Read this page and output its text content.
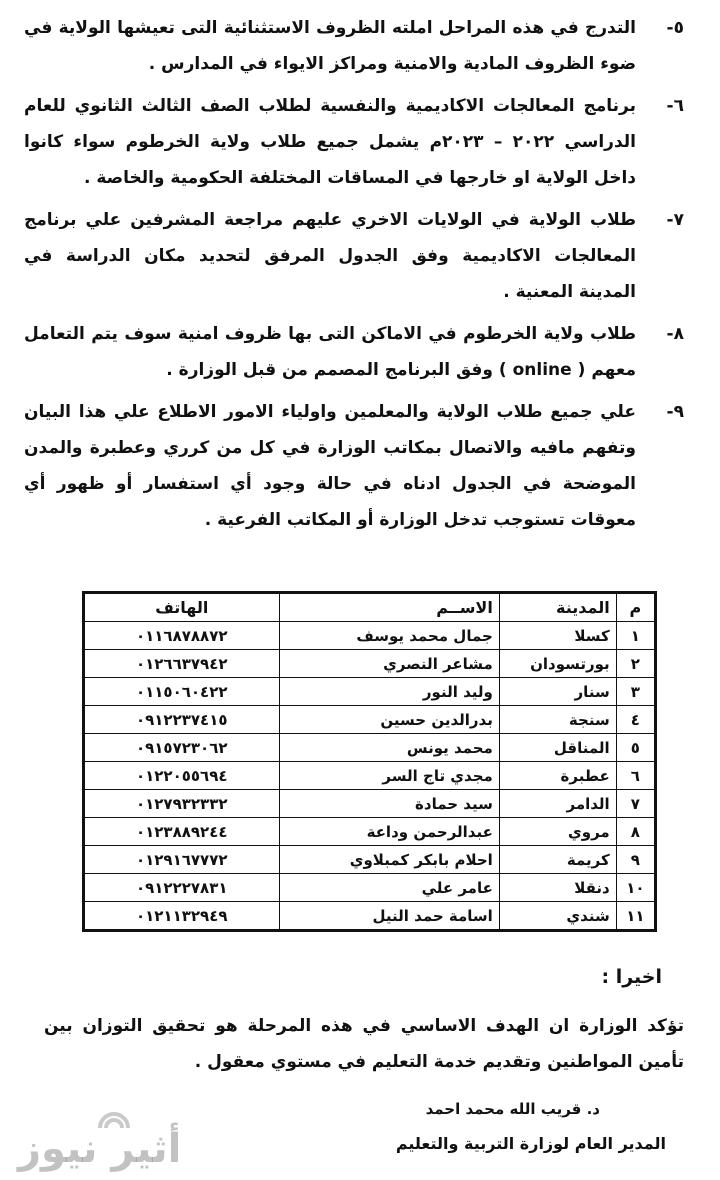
٥-
التدرج في هذه المراحل املته الظروف الاستثنائية التى تعيشها الولاية في ضوء الظروف المادية والامنية ومراكز الايواء في المدارس .
٦-
برنامج المعالجات الاكاديمية والنفسية لطلاب الصف الثالث الثانوي للعام الدراسي ٢٠٢٢ – ٢٠٢٣م يشمل جميع طلاب ولاية الخرطوم سواء كانوا داخل الولاية او خارجها في المساقات المختلفة الحكومية والخاصة .
٧-
طلاب الولاية في الولايات الاخري عليهم مراجعة المشرفين علي برنامج المعالجات الاكاديمية وفق الجدول المرفق لتحديد مكان الدراسة في المدينة المعنية .
٨-
طلاب ولاية الخرطوم في الاماكن التى بها ظروف امنية سوف يتم التعامل معهم ( online ) وفق البرنامج المصمم من قبل الوزارة .
٩-
علي جميع طلاب الولاية والمعلمين واولياء الامور الاطلاع علي هذا البيان وتفهم مافيه والاتصال بمكاتب الوزارة في كل من كرري وعطبرة والمدن الموضحة في الجدول ادناه في حالة وجود أي استفسار أو ظهور أي معوقات تستوجب تدخل الوزارة أو المكاتب الفرعية .
م	المدينة	الاســم	الهاتف
١	كسلا	جمال محمد يوسف	٠١١٦٨٧٨٨٧٢
٢	بورتسودان	مشاعر النصري	٠١٢٦٦٣٧٩٤٢
٣	سنار	وليد النور	٠١١٥٠٦٠٤٢٢
٤	سنجة	بدرالدين حسين	٠٩١٢٢٣٧٤١٥
٥	المناقل	محمد يونس	٠٩١٥٧٢٣٠٦٢
٦	عطبرة	مجدي تاج السر	٠١٢٢٠٥٥٦٩٤
٧	الدامر	سيد حمادة	٠١٢٧٩٣٢٣٣٢
٨	مروي	عبدالرحمن وداعة	٠١٢٣٨٨٩٢٤٤
٩	كريمة	احلام بابكر كمبلاوي	٠١٢٩١٦٧٧٧٢
١٠	دنقلا	عامر علي	٠٩١٢٢٢٧٨٣١
١١	شندي	اسامة حمد النيل	٠١٢١١٣٢٩٤٩
اخيرا :
تؤكد الوزارة ان الهدف الاساسي في هذه المرحلة هو تحقيق التوزان بين تأمين المواطنين وتقديم خدمة التعليم في مستوي معقول .
د. قريب الله محمد احمد
المدير العام لوزارة التربية والتعليم
أثير نيوز
